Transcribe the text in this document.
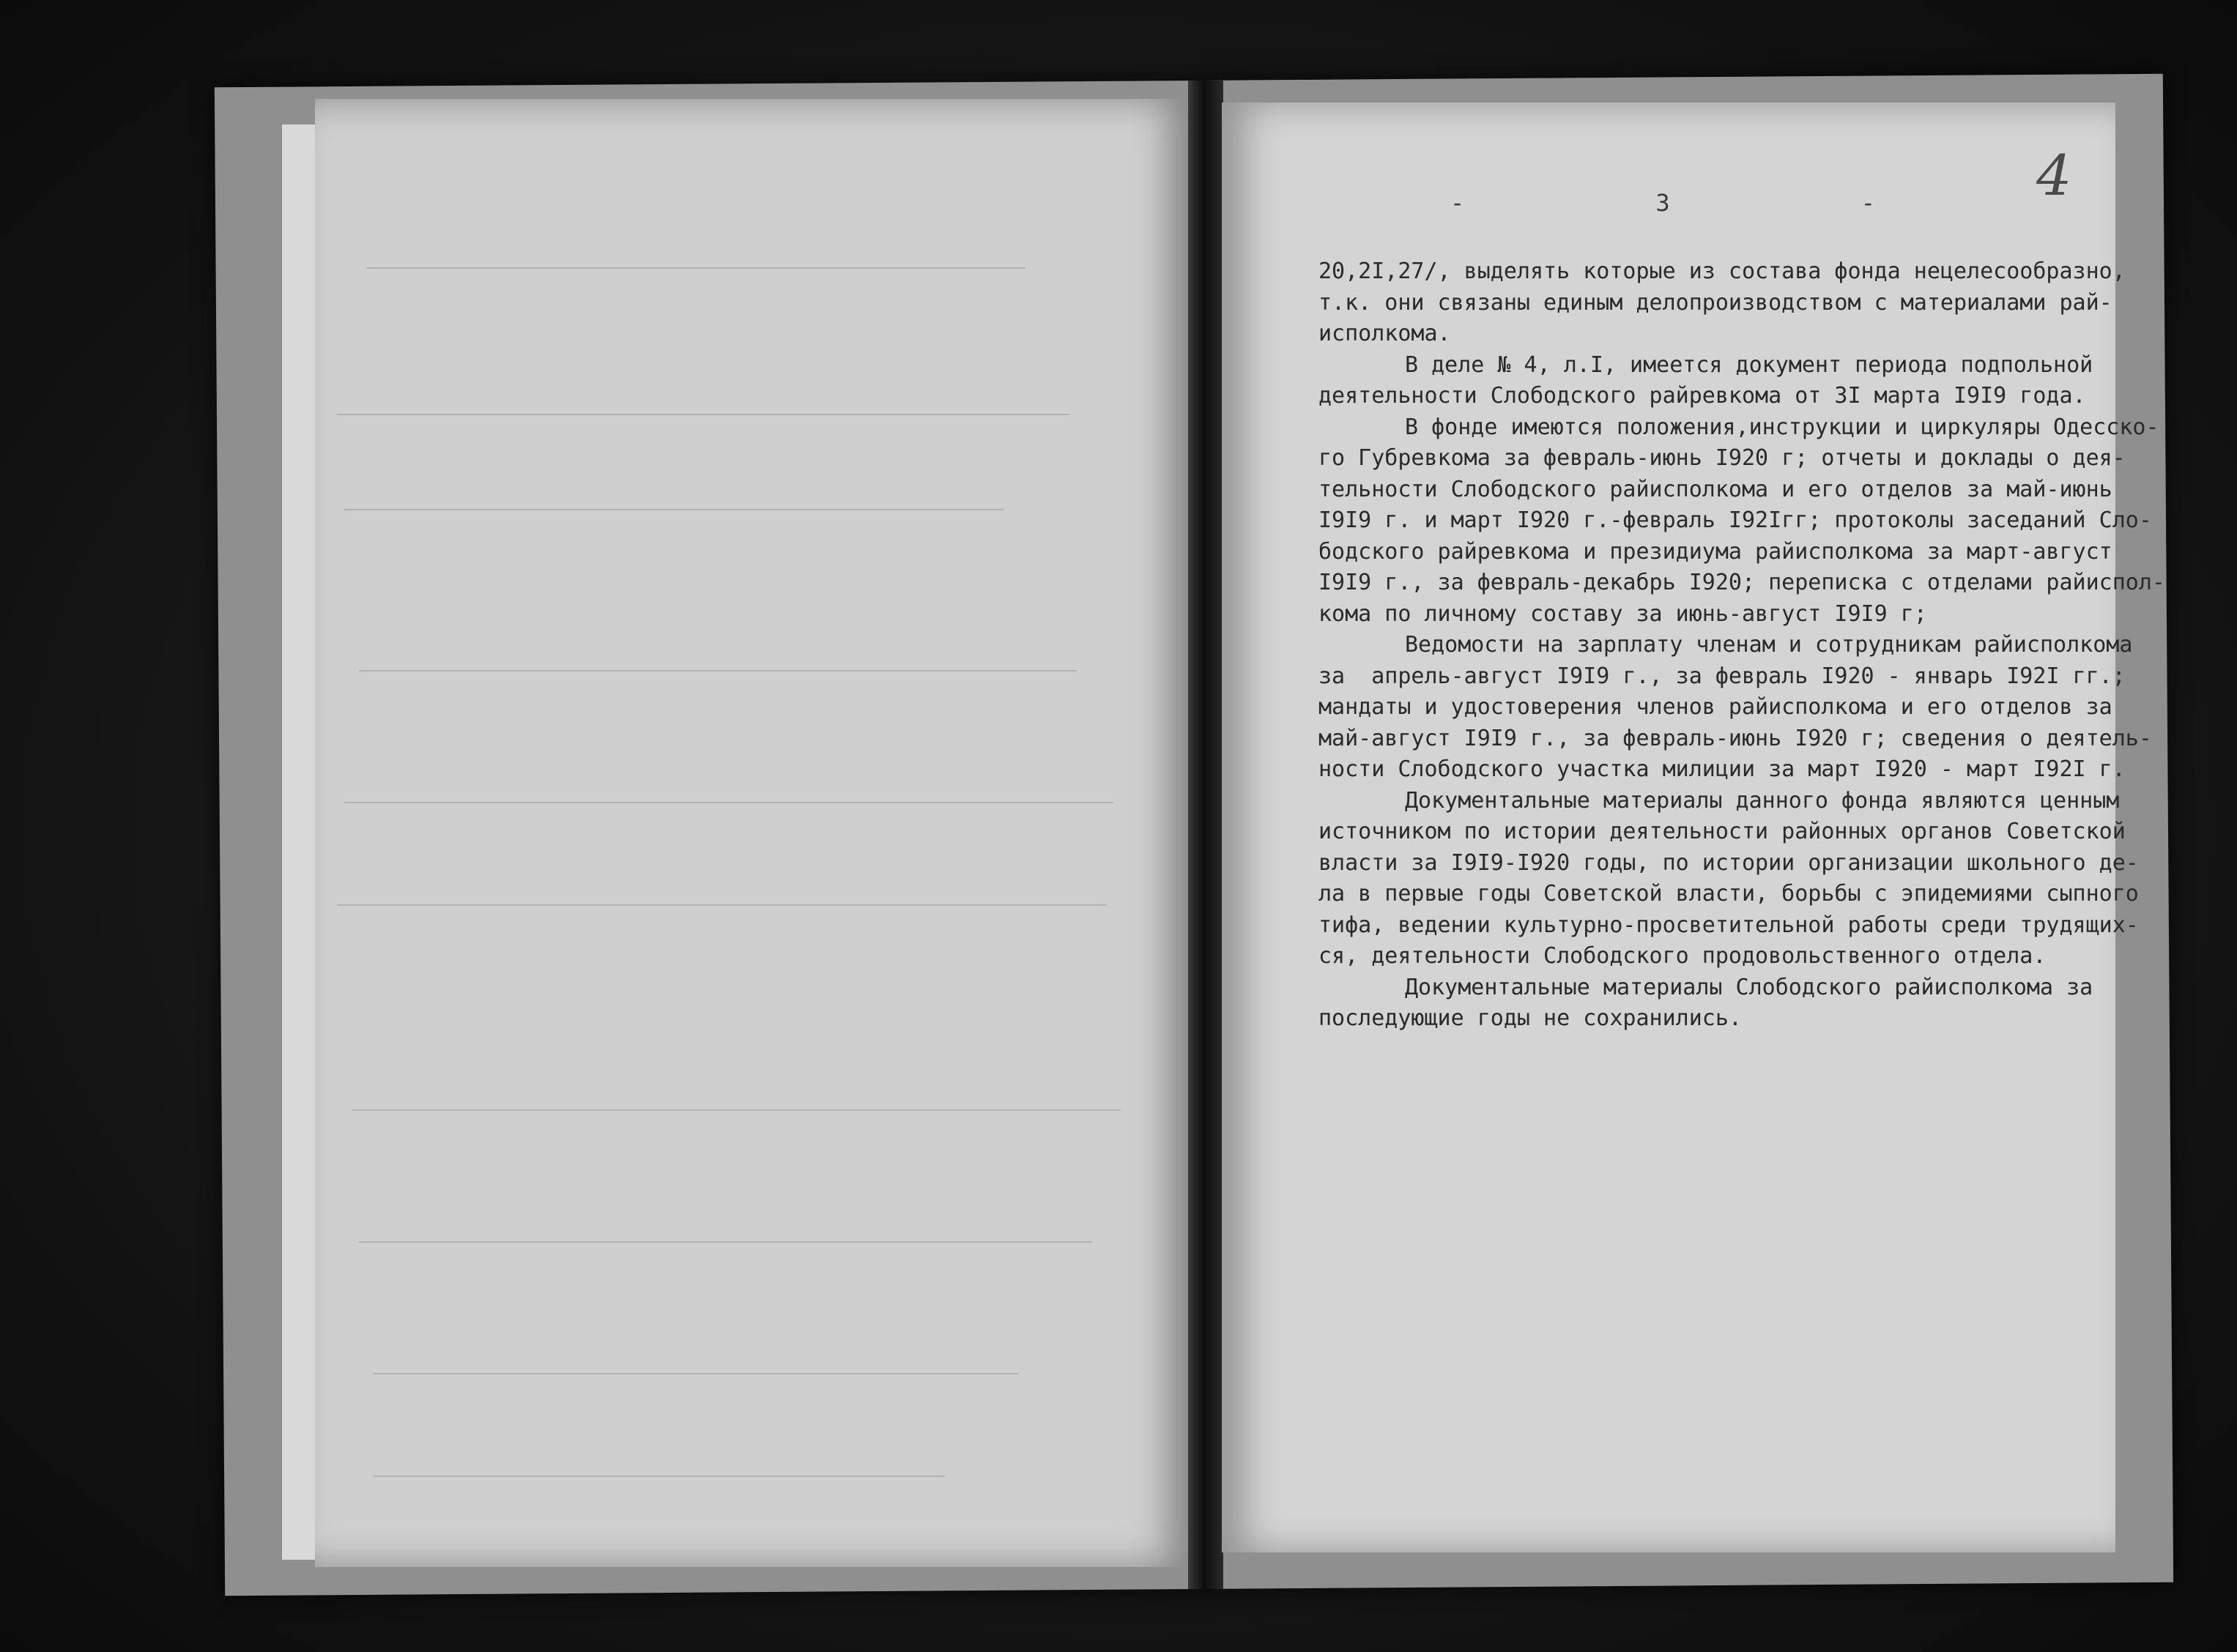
-	3	-	4
20,2I,27/, выделять которые из состава фонда нецелесообразно,
т.к. они связаны единым делопроизводством с материалами рай-
исполкома.
В деле № 4, л.I, имеется документ периода подпольной
деятельности Слободского райревкома от 3I марта I9I9 года.
В фонде имеются положения,инструкции и циркуляры Одесско-
го Губревкома за февраль-июнь I920 г; отчеты и доклады о дея-
тельности Слободского райисполкома и его отделов за май-июнь
I9I9 г. и март I920 г.-февраль I92Iгг; протоколы заседаний Сло-
бодского райревкома и президиума райисполкома за март-август
I9I9 г., за февраль-декабрь I920; переписка с отделами райиспол-
кома по личному составу за июнь-август I9I9 г;
Ведомости на зарплату членам и сотрудникам райисполкома
за  апрель-август I9I9 г., за февраль I920 - январь I92I гг.;
мандаты и удостоверения членов райисполкома и его отделов за
май-август I9I9 г., за февраль-июнь I920 г; сведения о деятель-
ности Слободского участка милиции за март I920 - март I92I г.
Документальные материалы данного фонда являются ценным
источником по истории деятельности районных органов Советской
власти за I9I9-I920 годы, по истории организации школьного де-
ла в первые годы Советской власти, борьбы с эпидемиями сыпного
тифа, ведении культурно-просветительной работы среди трудящих-
ся, деятельности Слободского продовольственного отдела.
Документальные материалы Слободского райисполкома за
последующие годы не сохранились.
